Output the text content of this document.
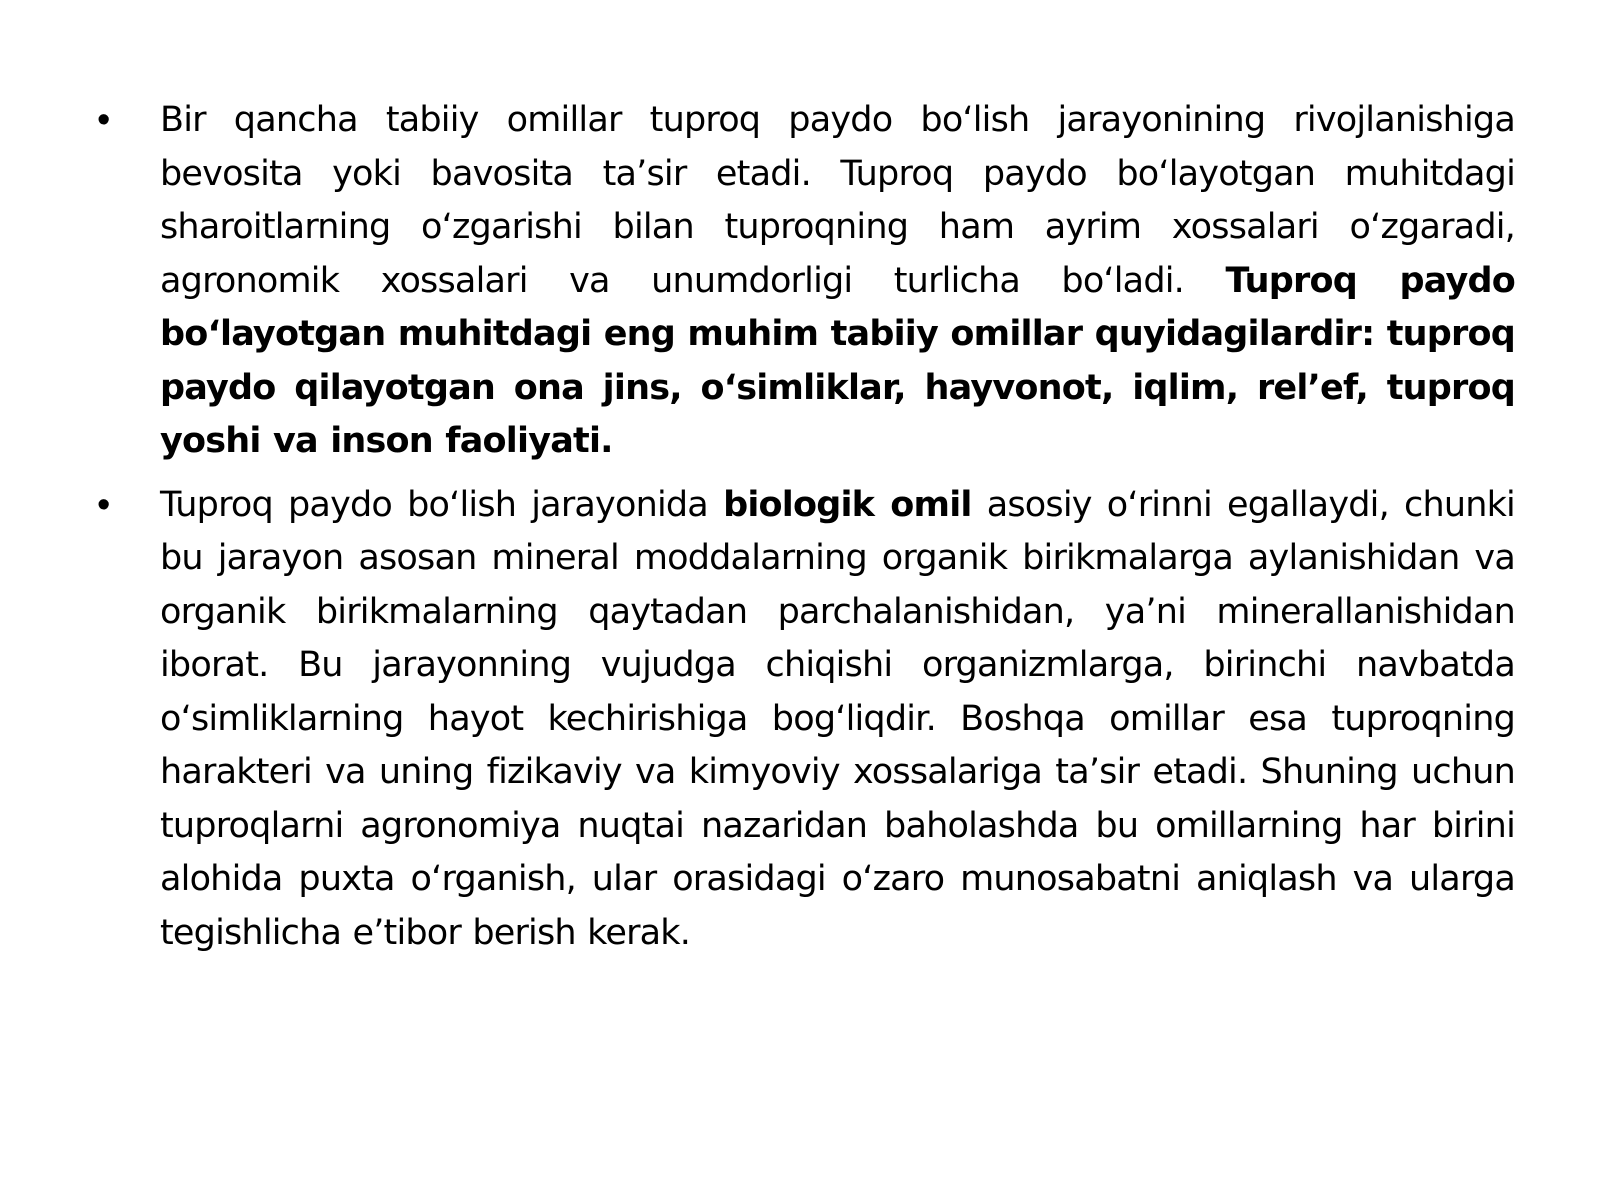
• Bir qancha tabiiy omillar tuproq paydo bo‘lish jarayonining rivojlanishiga bevosita yoki bavosita ta’sir etadi. Tuproq paydo bo‘layotgan muhitdagi sharoitlarning o‘zgarishi bilan tuproqning ham ayrim xossalari o‘zgaradi, agronomik xossalari va unumdorligi turlicha bo‘ladi. Tuproq paydo bo‘layotgan muhitdagi eng muhim tabiiy omillar quyidagilardir: tuproq paydo qilayotgan ona jins, o‘simliklar, hayvonot, iqlim, rel’ef, tuproq yoshi va inson faoliyati.
• Tuproq paydo bo‘lish jarayonida biologik omil asosiy o‘rinni egallaydi, chunki bu jarayon asosan mineral moddalarning organik birikmalarga aylanishidan va organik birikmalarning qaytadan parchalanishidan, ya’ni minerallanishidan iborat. Bu jarayonning vujudga chiqishi organizmlarga, birinchi navbatda o‘simliklarning hayot kechirishiga bog‘liqdir. Boshqa omillar esa tuproqning harakteri va uning fizikaviy va kimyoviy xossalariga ta’sir etadi. Shuning uchun tuproqlarni agronomiya nuqtai nazaridan baholashda bu omillarning har birini alohida puxta o‘rganish, ular orasidagi o‘zaro munosabatni aniqlash va ularga tegishlicha e’tibor berish kerak.
